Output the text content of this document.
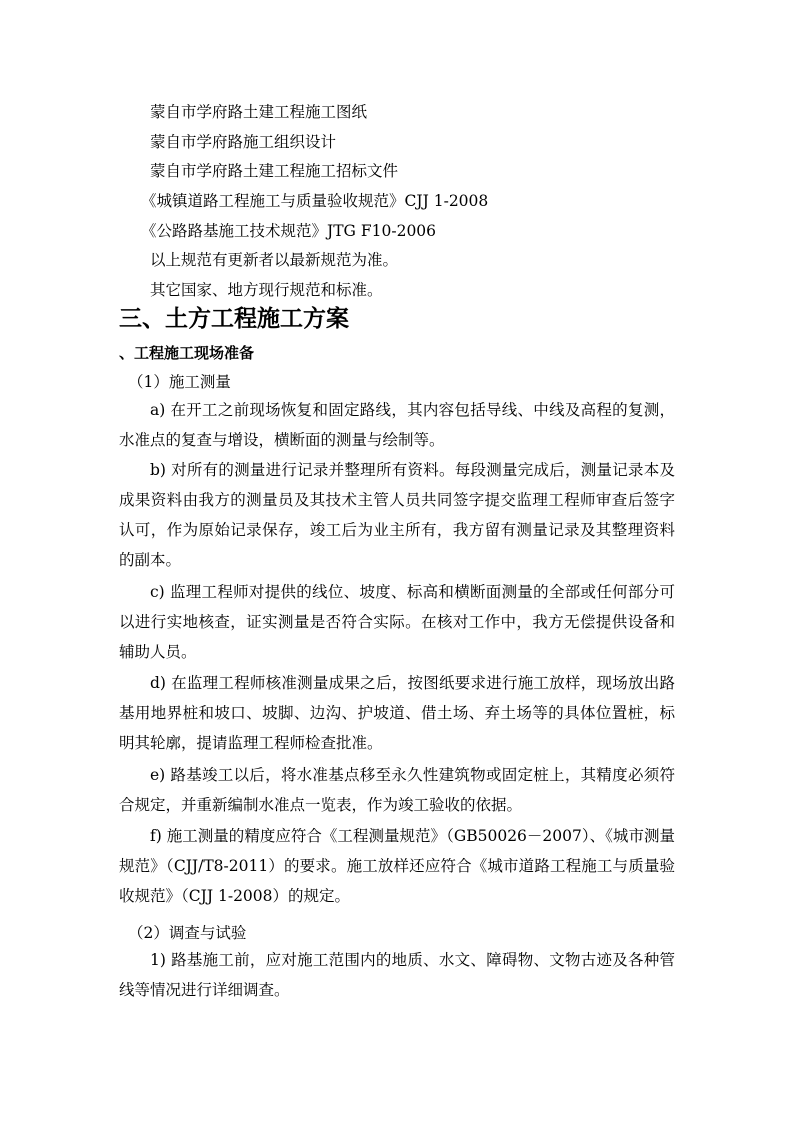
蒙自市学府路土建工程施工图纸
蒙自市学府路施工组织设计
蒙自市学府路土建工程施工招标文件
《城镇道路工程施工与质量验收规范》CJJ 1-2008
《公路路基施工技术规范》JTG F10-2006
以上规范有更新者以最新规范为准。
其它国家、地方现行规范和标准。
三、土方工程施工方案
、工程施工现场准备
（1）施工测量
a) 在开工之前现场恢复和固定路线，其内容包括导线、中线及高程的复测，水准点的复查与增设，横断面的测量与绘制等。
b) 对所有的测量进行记录并整理所有资料。每段测量完成后，测量记录本及成果资料由我方的测量员及其技术主管人员共同签字提交监理工程师审查后签字认可，作为原始记录保存，竣工后为业主所有，我方留有测量记录及其整理资料的副本。
c) 监理工程师对提供的线位、坡度、标高和横断面测量的全部或任何部分可以进行实地核查，证实测量是否符合实际。在核对工作中，我方无偿提供设备和辅助人员。
d) 在监理工程师核准测量成果之后，按图纸要求进行施工放样，现场放出路基用地界桩和坡口、坡脚、边沟、护坡道、借土场、弃土场等的具体位置桩，标明其轮廓，提请监理工程师检查批准。
e) 路基竣工以后，将水准基点移至永久性建筑物或固定桩上，其精度必须符合规定，并重新编制水准点一览表，作为竣工验收的依据。
f) 施工测量的精度应符合《工程测量规范》（GB50026－2007）、《城市测量规范》（CJJ/T8-2011）的要求。施工放样还应符合《城市道路工程施工与质量验收规范》（CJJ 1-2008）的规定。
（2）调查与试验
1) 路基施工前，应对施工范围内的地质、水文、障碍物、文物古迹及各种管线等情况进行详细调查。
